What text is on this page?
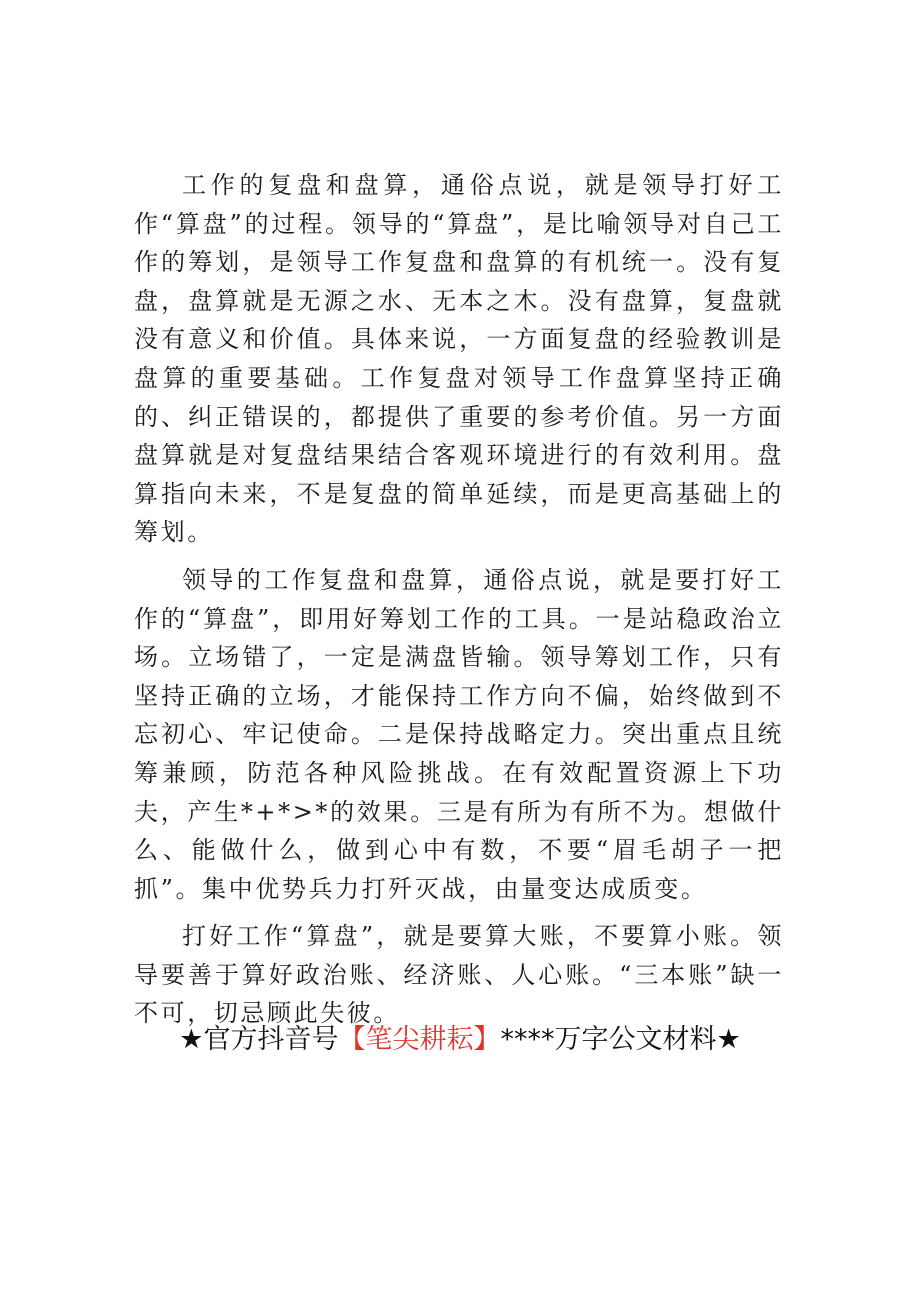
工作的复盘和盘算，通俗点说，就是领导打好工作“算盘”的过程。领导的“算盘”，是比喻领导对自己工作的筹划，是领导工作复盘和盘算的有机统一。没有复盘，盘算就是无源之水、无本之木。没有盘算，复盘就没有意义和价值。具体来说，一方面复盘的经验教训是盘算的重要基础。工作复盘对领导工作盘算坚持正确的、纠正错误的，都提供了重要的参考价值。另一方面盘算就是对复盘结果结合客观环境进行的有效利用。盘算指向未来，不是复盘的简单延续，而是更高基础上的筹划。

领导的工作复盘和盘算，通俗点说，就是要打好工作的“算盘”，即用好筹划工作的工具。一是站稳政治立场。立场错了，一定是满盘皆输。领导筹划工作，只有坚持正确的立场，才能保持工作方向不偏，始终做到不忘初心、牢记使命。二是保持战略定力。突出重点且统筹兼顾，防范各种风险挑战。在有效配置资源上下功夫，产生*+*>*的效果。三是有所为有所不为。想做什么、能做什么，做到心中有数，不要“眉毛胡子一把抓”。集中优势兵力打歼灭战，由量变达成质变。

打好工作“算盘”，就是要算大账，不要算小账。领导要善于算好政治账、经济账、人心账。“三本账”缺一不可，切忌顾此失彼。

★官方抖音号【笔尖耕耘】****万字公文材料★
